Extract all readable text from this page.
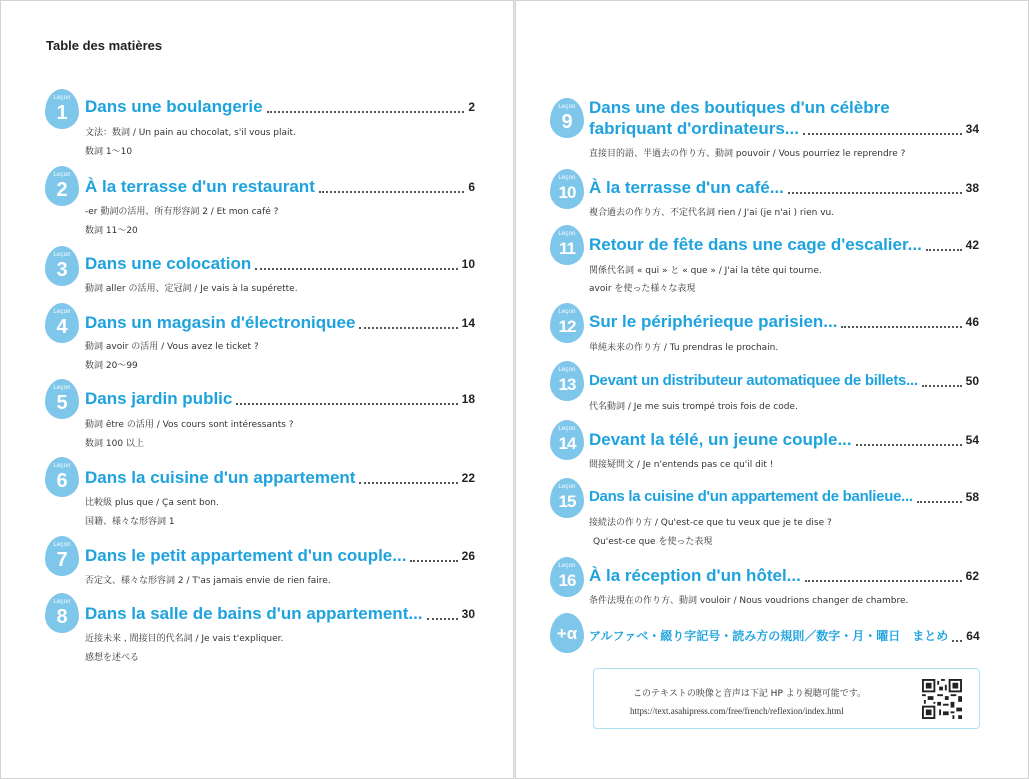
Table des matières
Leçon
1	Dans une boulangerie	2
文法：数詞 / Un pain au chocolat, s'il vous plait.
数詞 1〜10
Leçon
2	À la terrasse d'un restaurant	6
-er 動詞の活用、所有形容詞 2 / Et mon café ?
数詞 11〜20
Leçon
3	Dans une colocation	10
動詞 aller の活用、定冠詞 / Je vais à la supérette.
Leçon
4	Dans un magasin d'électroniquee	14
動詞 avoir の活用 / Vous avez le ticket ?
数詞 20〜99
Leçon
5	Dans jardin public	18
動詞 être の活用 / Vos cours sont intéressants ?
数詞 100 以上
Leçon
6	Dans la cuisine d'un appartement	22
比較級 plus que / Ça sent bon.
国籍、様々な形容詞 1
Leçon
7	Dans le petit appartement d'un couple...	26
否定文、様々な形容詞 2 / T'as jamais envie de rien faire.
Leçon
8	Dans la salle de bains d'un appartement...	30
近接未来 , 間接目的代名詞 / Je vais t'expliquer.
感想を述べる
Leçon
9
Dans une des boutiques d'un célèbre
fabriquant d'ordinateurs...	34
直接目的語、半過去の作り方、動詞 pouvoir / Vous pourriez le reprendre ?
Leçon
10 À la terrasse d'un café...	38
複合過去の作り方、不定代名詞 rien / J'ai (je n'ai ) rien vu.
Leçon
11 Retour de fête dans une cage d'escalier...	42
関係代名詞 « qui » と « que » / J'ai la tête qui tourne.
avoir を使った様々な表現
Leçon
12 Sur le périphérieque parisien...	46
単純未来の作り方 / Tu prendras le prochain.
Leçon
13 Devant un distributeur automatiquee de billets...	50
代名動詞 / Je me suis trompé trois fois de code.
Leçon
14 Devant la télé, un jeune couple...	54
間接疑問文 / Je n'entends pas ce qu'il dit !
Leçon
15 Dans la cuisine d'un appartement de banlieue...	58
接続法の作り方 / Qu'est-ce que tu veux que je te dise ?
Qu'est-ce que を使った表現
Leçon
16 À la réception d'un hôtel...	62
条件法現在の作り方、動詞 vouloir / Nous voudrions changer de chambre.
+α アルファベ・綴り字記号・読み方の規則／数字・月・曜日　まとめ 64
このテキストの映像と音声は下記 HP より視聴可能です。
https://text.asahipress.com/free/french/reflexion/index.html
